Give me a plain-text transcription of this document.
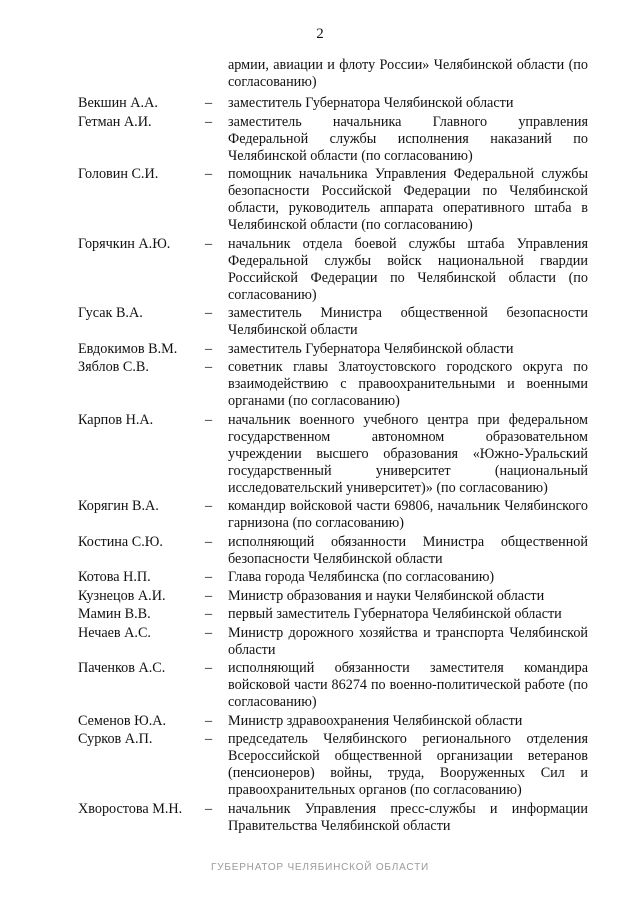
2
армии, авиации и флоту России» Челябинской области (по согласованию)
Векшин А.А.	–	заместитель Губернатора Челябинской области
Гетман А.И.	–	заместитель начальника Главного управления Федеральной службы исполнения наказаний по Челябинской области (по согласованию)
Головин С.И.	–	помощник начальника Управления Федеральной службы безопасности Российской Федерации по Челябинской области, руководитель аппарата оперативного штаба в Челябинской области (по согласованию)
Горячкин А.Ю.	–	начальник отдела боевой службы штаба Управления Федеральной службы войск национальной гвардии Российской Федерации по Челябинской области (по согласованию)
Гусак В.А.	–	заместитель Министра общественной безопасности Челябинской области
Евдокимов В.М.	–	заместитель Губернатора Челябинской области
Зяблов С.В.	–	советник главы Златоустовского городского округа по взаимодействию с правоохранительными и военными органами (по согласованию)
Карпов Н.А.	–	начальник военного учебного центра при федеральном государственном автономном образовательном учреждении высшего образования «Южно-Уральский государственный университет (национальный исследовательский университет)» (по согласованию)
Корягин В.А.	–	командир войсковой части 69806, начальник Челябинского гарнизона (по согласованию)
Костина С.Ю.	–	исполняющий обязанности Министра общественной безопасности Челябинской области
Котова Н.П.	–	Глава города Челябинска (по согласованию)
Кузнецов А.И.	–	Министр образования и науки Челябинской области
Мамин В.В.	–	первый заместитель Губернатора Челябинской области
Нечаев А.С.	–	Министр дорожного хозяйства и транспорта Челябинской области
Паченков А.С.	–	исполняющий обязанности заместителя командира войсковой части 86274 по военно-политической работе (по согласованию)
Семенов Ю.А.	–	Министр здравоохранения Челябинской области
Сурков А.П.	–	председатель Челябинского регионального отделения Всероссийской общественной организации ветеранов (пенсионеров) войны, труда, Вооруженных Сил и правоохранительных органов (по согласованию)
Хворостова М.Н.	–	начальник Управления пресс-службы и информации Правительства Челябинской области
ГУБЕРНАТОР ЧЕЛЯБИНСКОЙ ОБЛАСТИ
